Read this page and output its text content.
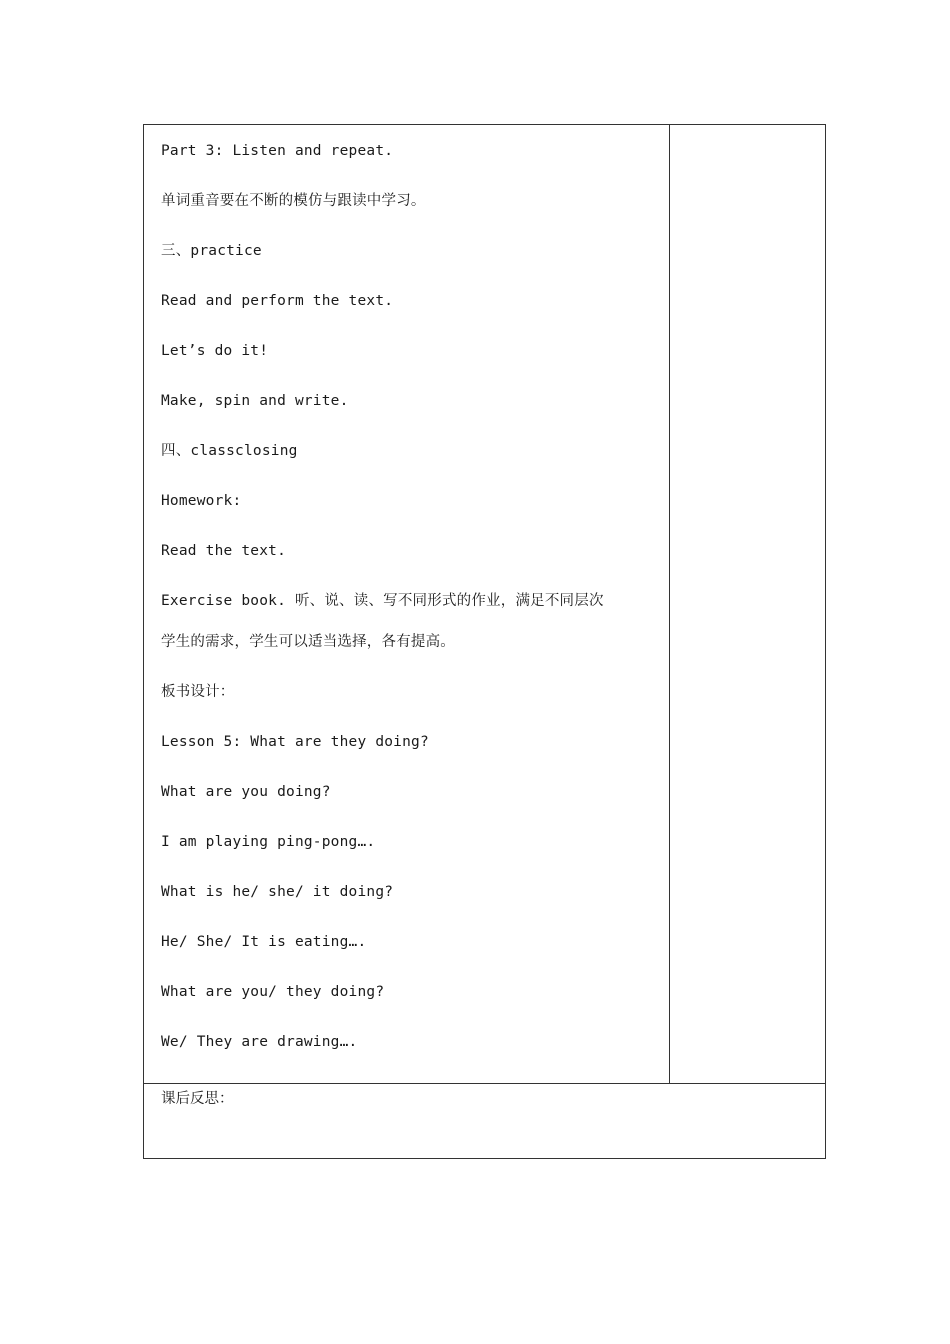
Part 3: Listen and repeat.
单词重音要在不断的模仿与跟读中学习。
三、practice
Read and perform the text.
Let’s do it!
Make, spin and write.
四、classclosing
Homework:
Read the text.
Exercise book. 听、说、读、写不同形式的作业，满足不同层次
学生的需求，学生可以适当选择，各有提高。
板书设计：
Lesson 5: What are they doing?
What are you doing?
I am playing ping-pong….
What is he/ she/ it doing?
He/ She/ It is eating….
What are you/ they doing?
We/ They are drawing….

课后反思：
